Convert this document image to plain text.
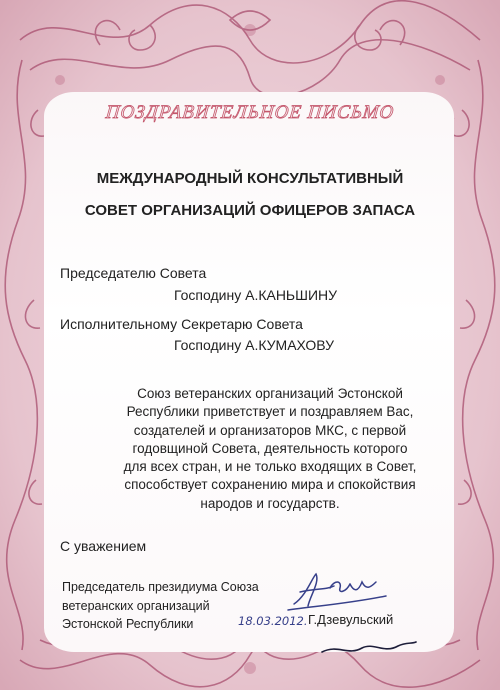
ПОЗДРАВИТЕЛЬНОЕ ПИСЬМО
МЕЖДУНАРОДНЫЙ КОНСУЛЬТАТИВНЫЙ
СОВЕТ ОРГАНИЗАЦИЙ ОФИЦЕРОВ ЗАПАСА
Председателю Совета
Господину А.КАНЬШИНУ
Исполнительному Секретарю Совета
Господину А.КУМАХОВУ
Союз ветеранских организаций Эстонской
Республики приветствует и поздравляем Вас,
создателей и организаторов МКС, с первой
годовщиной Совета, деятельность которого
для всех стран, и не только входящих в Совет,
способствует сохранению мира и спокойствия
народов и государств.
С уважением
Председатель президиума Союза
ветеранских организаций
Эстонской Республики	18.03.2012. Г.Дзевульский
